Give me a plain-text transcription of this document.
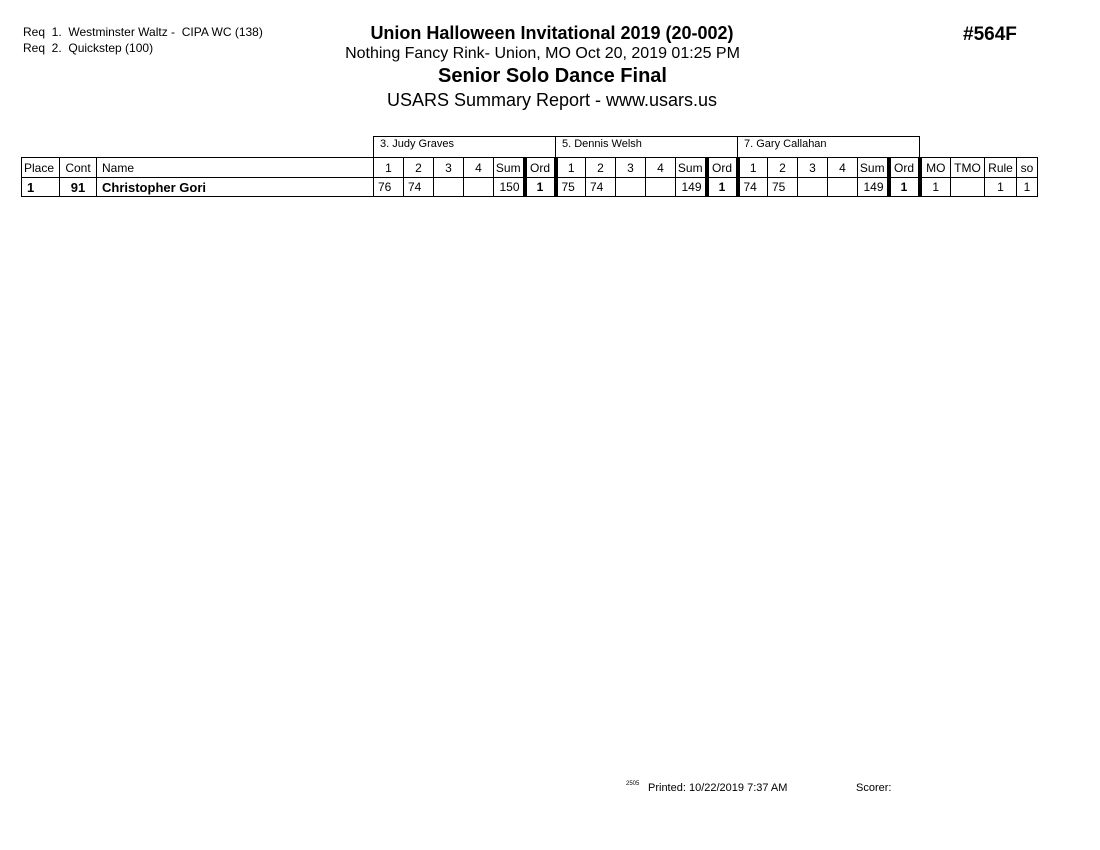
Req  1.  Westminster Waltz -  CIPA WC (138)
Req  2.  Quickstep (100)
Union Halloween Invitational 2019 (20-002)
Nothing Fancy Rink- Union, MO Oct 20, 2019 01:25 PM
Senior Solo Dance Final
USARS Summary Report - www.usars.us
#564F
			3. Judy Graves						5. Dennis Welsh						7. Gary Callahan									
Place	Cont	Name	1	2	3	4	Sum	Ord	1	2	3	4	Sum	Ord	1	2	3	4	Sum	Ord	MO	TMO	Rule	so
1	91	Christopher Gori	76	74			150	1	75	74			149	1	74	75			149	1	1		1	1
2505 Printed: 10/22/2019 7:37 AM	Scorer:
